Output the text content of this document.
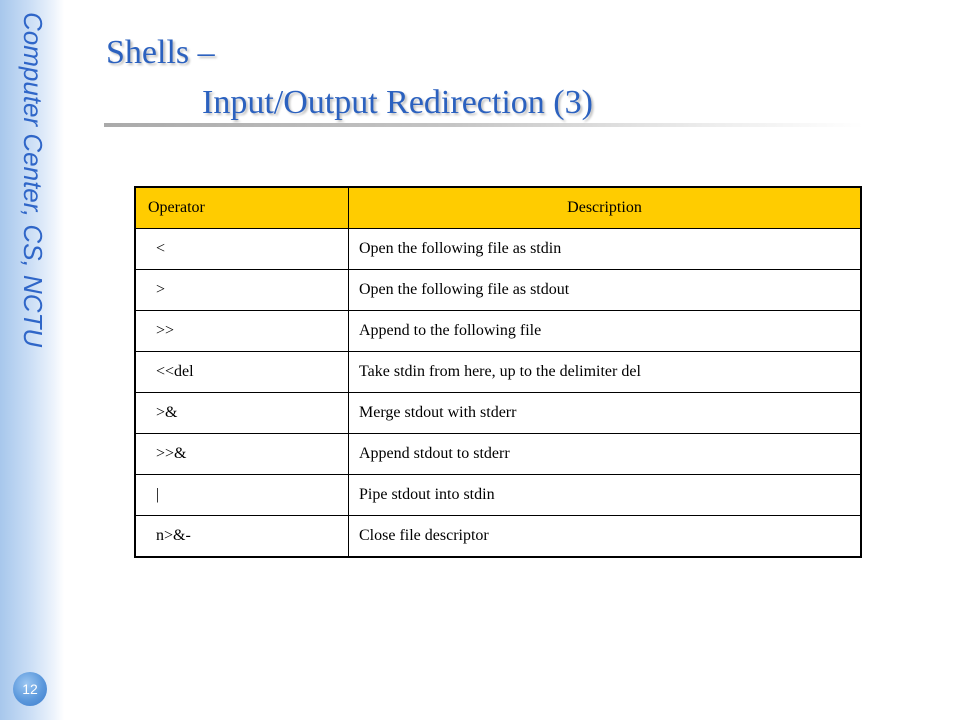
Computer Center, CS, NCTU
12
Shells –
Input/Output Redirection (3)
Operator	Description
<	Open the following file as stdin
>	Open the following file as stdout
>>	Append to the following file
<<del	Take stdin from here, up to the delimiter del
>&	Merge stdout with stderr
>>&	Append stdout to stderr
|	Pipe stdout into stdin
n>&-	Close file descriptor
